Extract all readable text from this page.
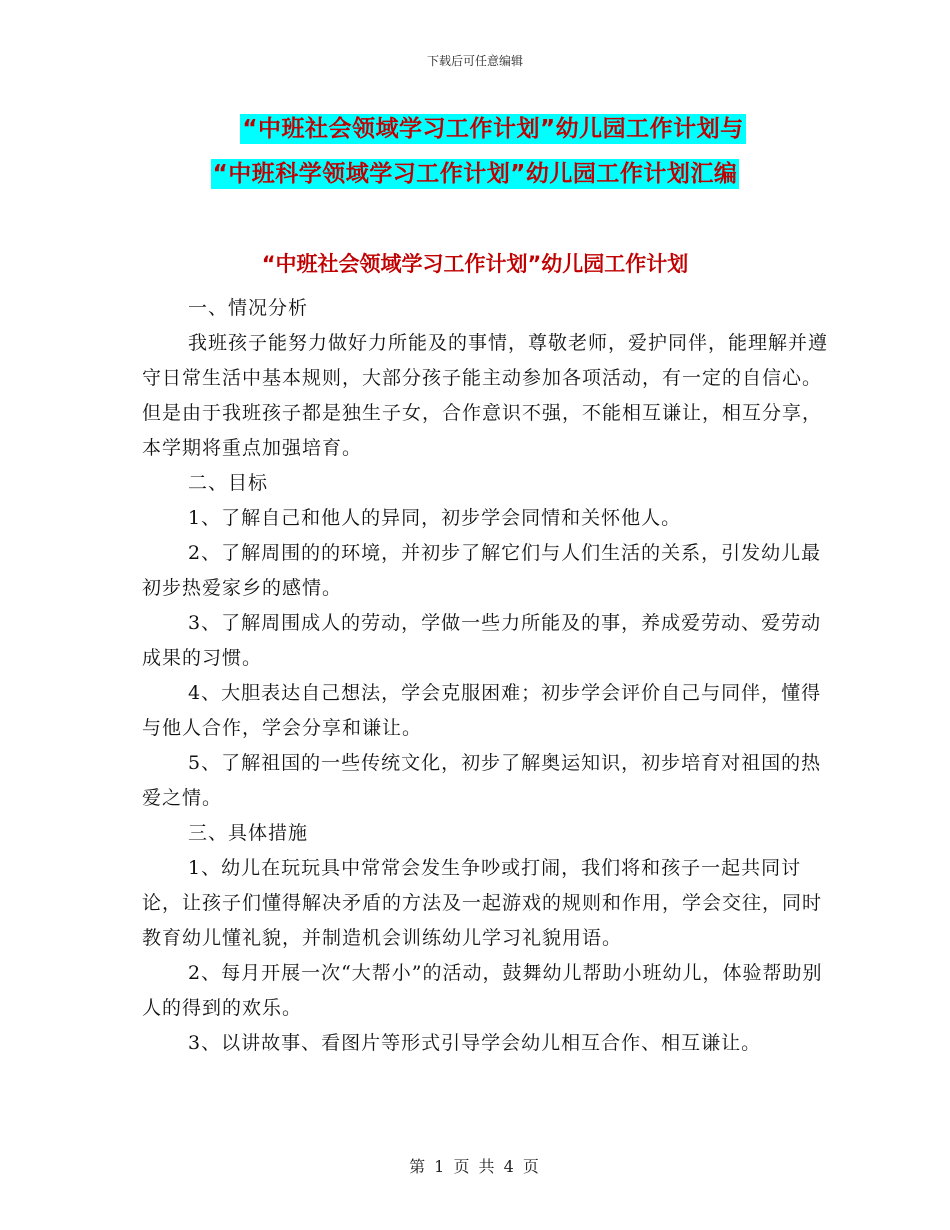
下载后可任意编辑
“中班社会领域学习工作计划”幼儿园工作计划与
“中班科学领域学习工作计划”幼儿园工作计划汇编
“中班社会领域学习工作计划”幼儿园工作计划

一、情况分析

我班孩子能努力做好力所能及的事情，尊敬老师，爱护同伴，能理解并遵守日常生活中基本规则，大部分孩子能主动参加各项活动，有一定的自信心。但是由于我班孩子都是独生子女，合作意识不强，不能相互谦让，相互分享，本学期将重点加强培育。

二、目标

1、了解自己和他人的异同，初步学会同情和关怀他人。

2、了解周围的的环境，并初步了解它们与人们生活的关系，引发幼儿最初步热爱家乡的感情。

3、了解周围成人的劳动，学做一些力所能及的事，养成爱劳动、爱劳动成果的习惯。

4、大胆表达自己想法，学会克服困难；初步学会评价自己与同伴，懂得与他人合作，学会分享和谦让。

5、了解祖国的一些传统文化，初步了解奥运知识，初步培育对祖国的热爱之情。

三、具体措施

1、幼儿在玩玩具中常常会发生争吵或打闹，我们将和孩子一起共同讨论，让孩子们懂得解决矛盾的方法及一起游戏的规则和作用，学会交往，同时教育幼儿懂礼貌，并制造机会训练幼儿学习礼貌用语。

2、每月开展一次“大帮小”的活动，鼓舞幼儿帮助小班幼儿，体验帮助别人的得到的欢乐。

3、以讲故事、看图片等形式引导学会幼儿相互合作、相互谦让。

第 1 页 共 4 页
